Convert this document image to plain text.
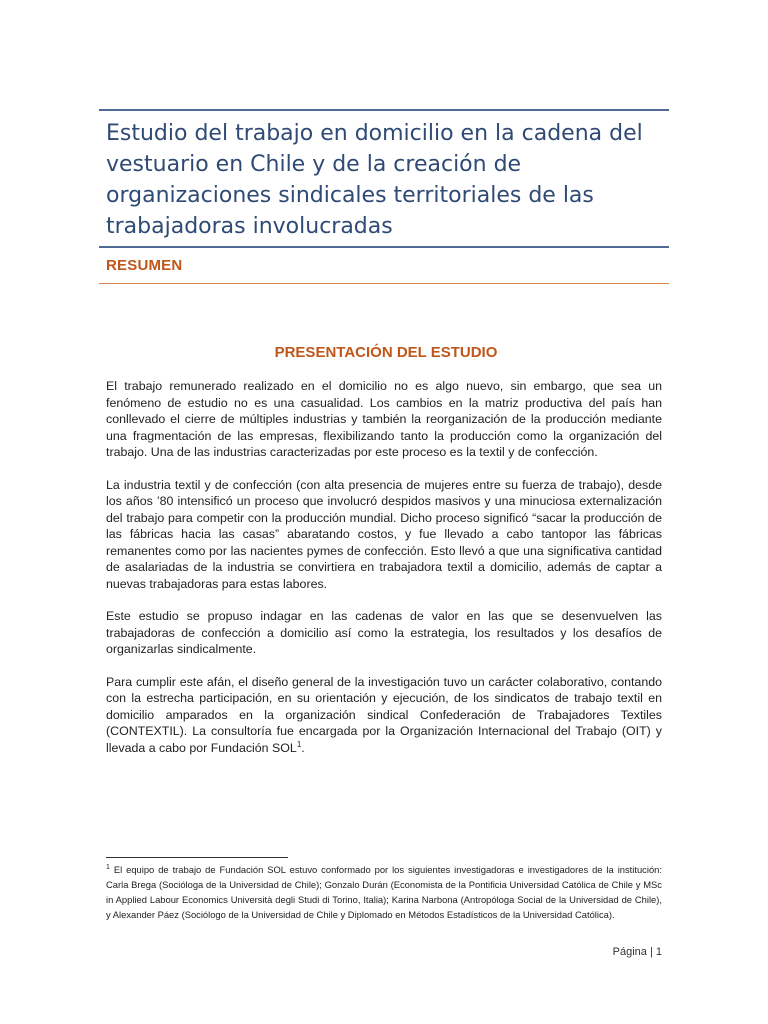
Estudio del trabajo en domicilio en la cadena del vestuario en Chile y de la creación de organizaciones sindicales territoriales de las trabajadoras involucradas
RESUMEN
PRESENTACIÓN DEL ESTUDIO

El trabajo remunerado realizado en el domicilio no es algo nuevo, sin embargo, que sea un fenómeno de estudio no es una casualidad. Los cambios en la matriz productiva del país han conllevado el cierre de múltiples industrias y también la reorganización de la producción mediante una fragmentación de las empresas, flexibilizando tanto la producción como la organización del trabajo. Una de las industrias caracterizadas por este proceso es la textil y de confección.

La industria textil y de confección (con alta presencia de mujeres entre su fuerza de trabajo), desde los años ’80 intensificó un proceso que involucró despidos masivos y una minuciosa externalización del trabajo para competir con la producción mundial. Dicho proceso significó “sacar la producción de las fábricas hacia las casas” abaratando costos, y fue llevado a cabo tantopor las fábricas remanentes como por las nacientes pymes de confección. Esto llevó a que una significativa cantidad de asalariadas de la industria se convirtiera en trabajadora textil a domicilio, además de captar a nuevas trabajadoras para estas labores.

Este estudio se propuso indagar en las cadenas de valor en las que se desenvuelven las trabajadoras de confección a domicilio así como la estrategia, los resultados y los desafíos de organizarlas sindicalmente.

Para cumplir este afán, el diseño general de la investigación tuvo un carácter colaborativo, contando con la estrecha participación, en su orientación y ejecución, de los sindicatos de trabajo textil en domicilio amparados en la organización sindical Confederación de Trabajadores Textiles (CONTEXTIL). La consultoría fue encargada por la Organización Internacional del Trabajo (OIT) y llevada a cabo por Fundación SOL$^1$.

$^1$ El equipo de trabajo de Fundación SOL estuvo conformado por los siguientes investigadoras e investigadores de la institución: Carla Brega (Socióloga de la Universidad de Chile); Gonzalo Durán (Economista de la Pontificia Universidad Católica de Chile y MSc in Applied Labour Economics Università degli Studi di Torino, Italia); Karina Narbona (Antropóloga Social de la Universidad de Chile), y Alexander Páez (Sociólogo de la Universidad de Chile y Diplomado en Métodos Estadísticos de la Universidad Católica).

Página | 1
